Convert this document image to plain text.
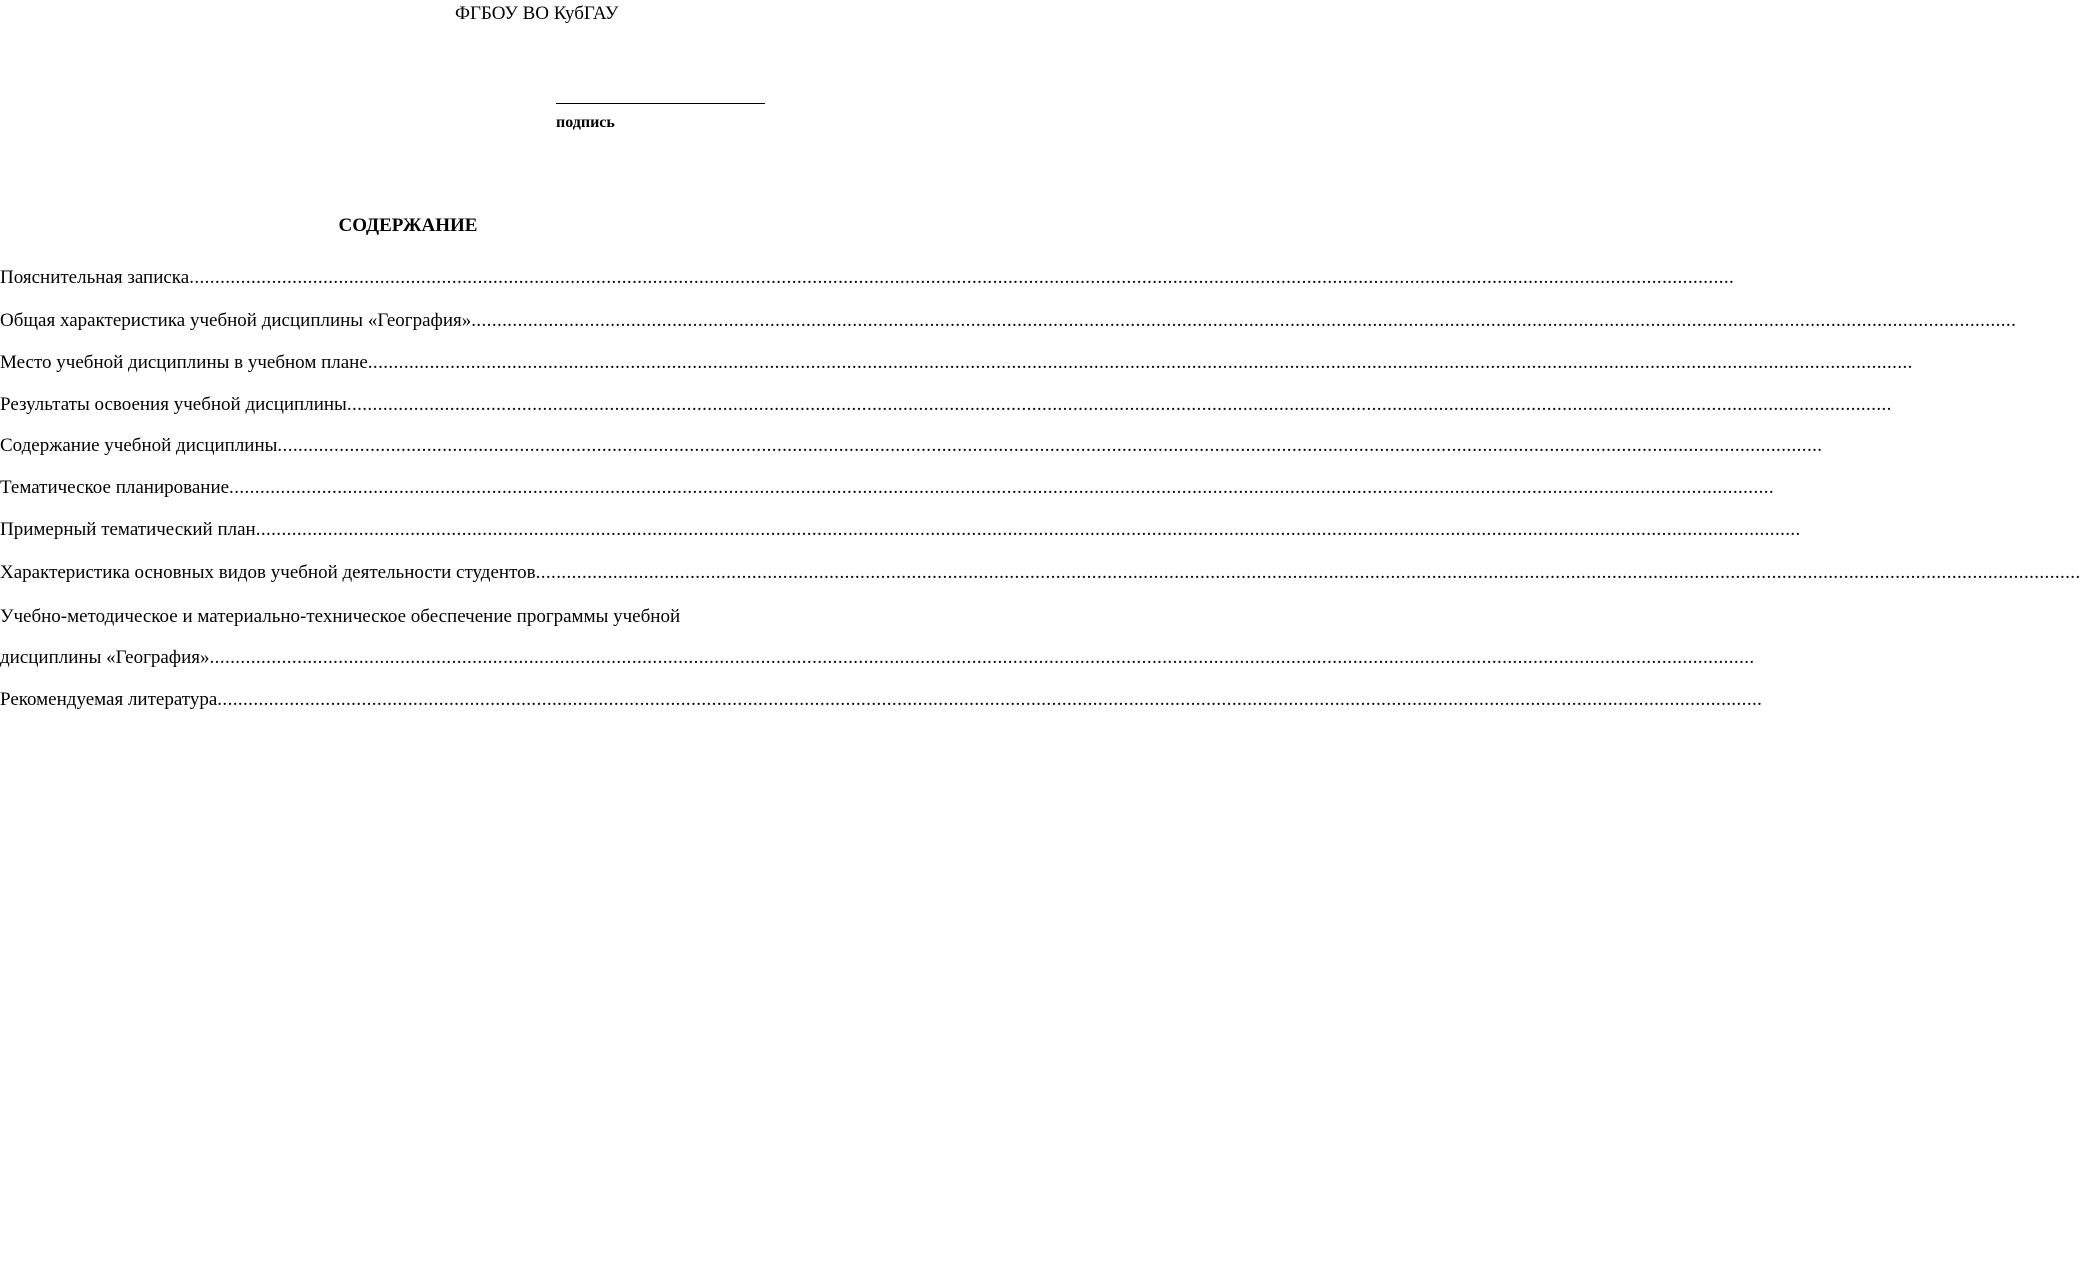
ФГБОУ ВО КубГАУ
подпись
СОДЕРЖАНИЕ
Пояснительная записка ............................................................................................................................................................................................................................................................................................................
Общая характеристика учебной дисциплины «География» ............................................................................................................................................................................................................................................................................................................
Место учебной дисциплины в учебном плане ............................................................................................................................................................................................................................................................................................................
Результаты освоения учебной дисциплины ............................................................................................................................................................................................................................................................................................................
Содержание учебной дисциплины ............................................................................................................................................................................................................................................................................................................
Тематическое планирование ............................................................................................................................................................................................................................................................................................................
Примерный тематический план ............................................................................................................................................................................................................................................................................................................
Характеристика основных видов учебной деятельности студентов ............................................................................................................................................................................................................................................................................................................
Учебно-методическое и материально-техническое обеспечение программы учебной
дисциплины «География» ............................................................................................................................................................................................................................................................................................................
Рекомендуемая литература ............................................................................................................................................................................................................................................................................................................
